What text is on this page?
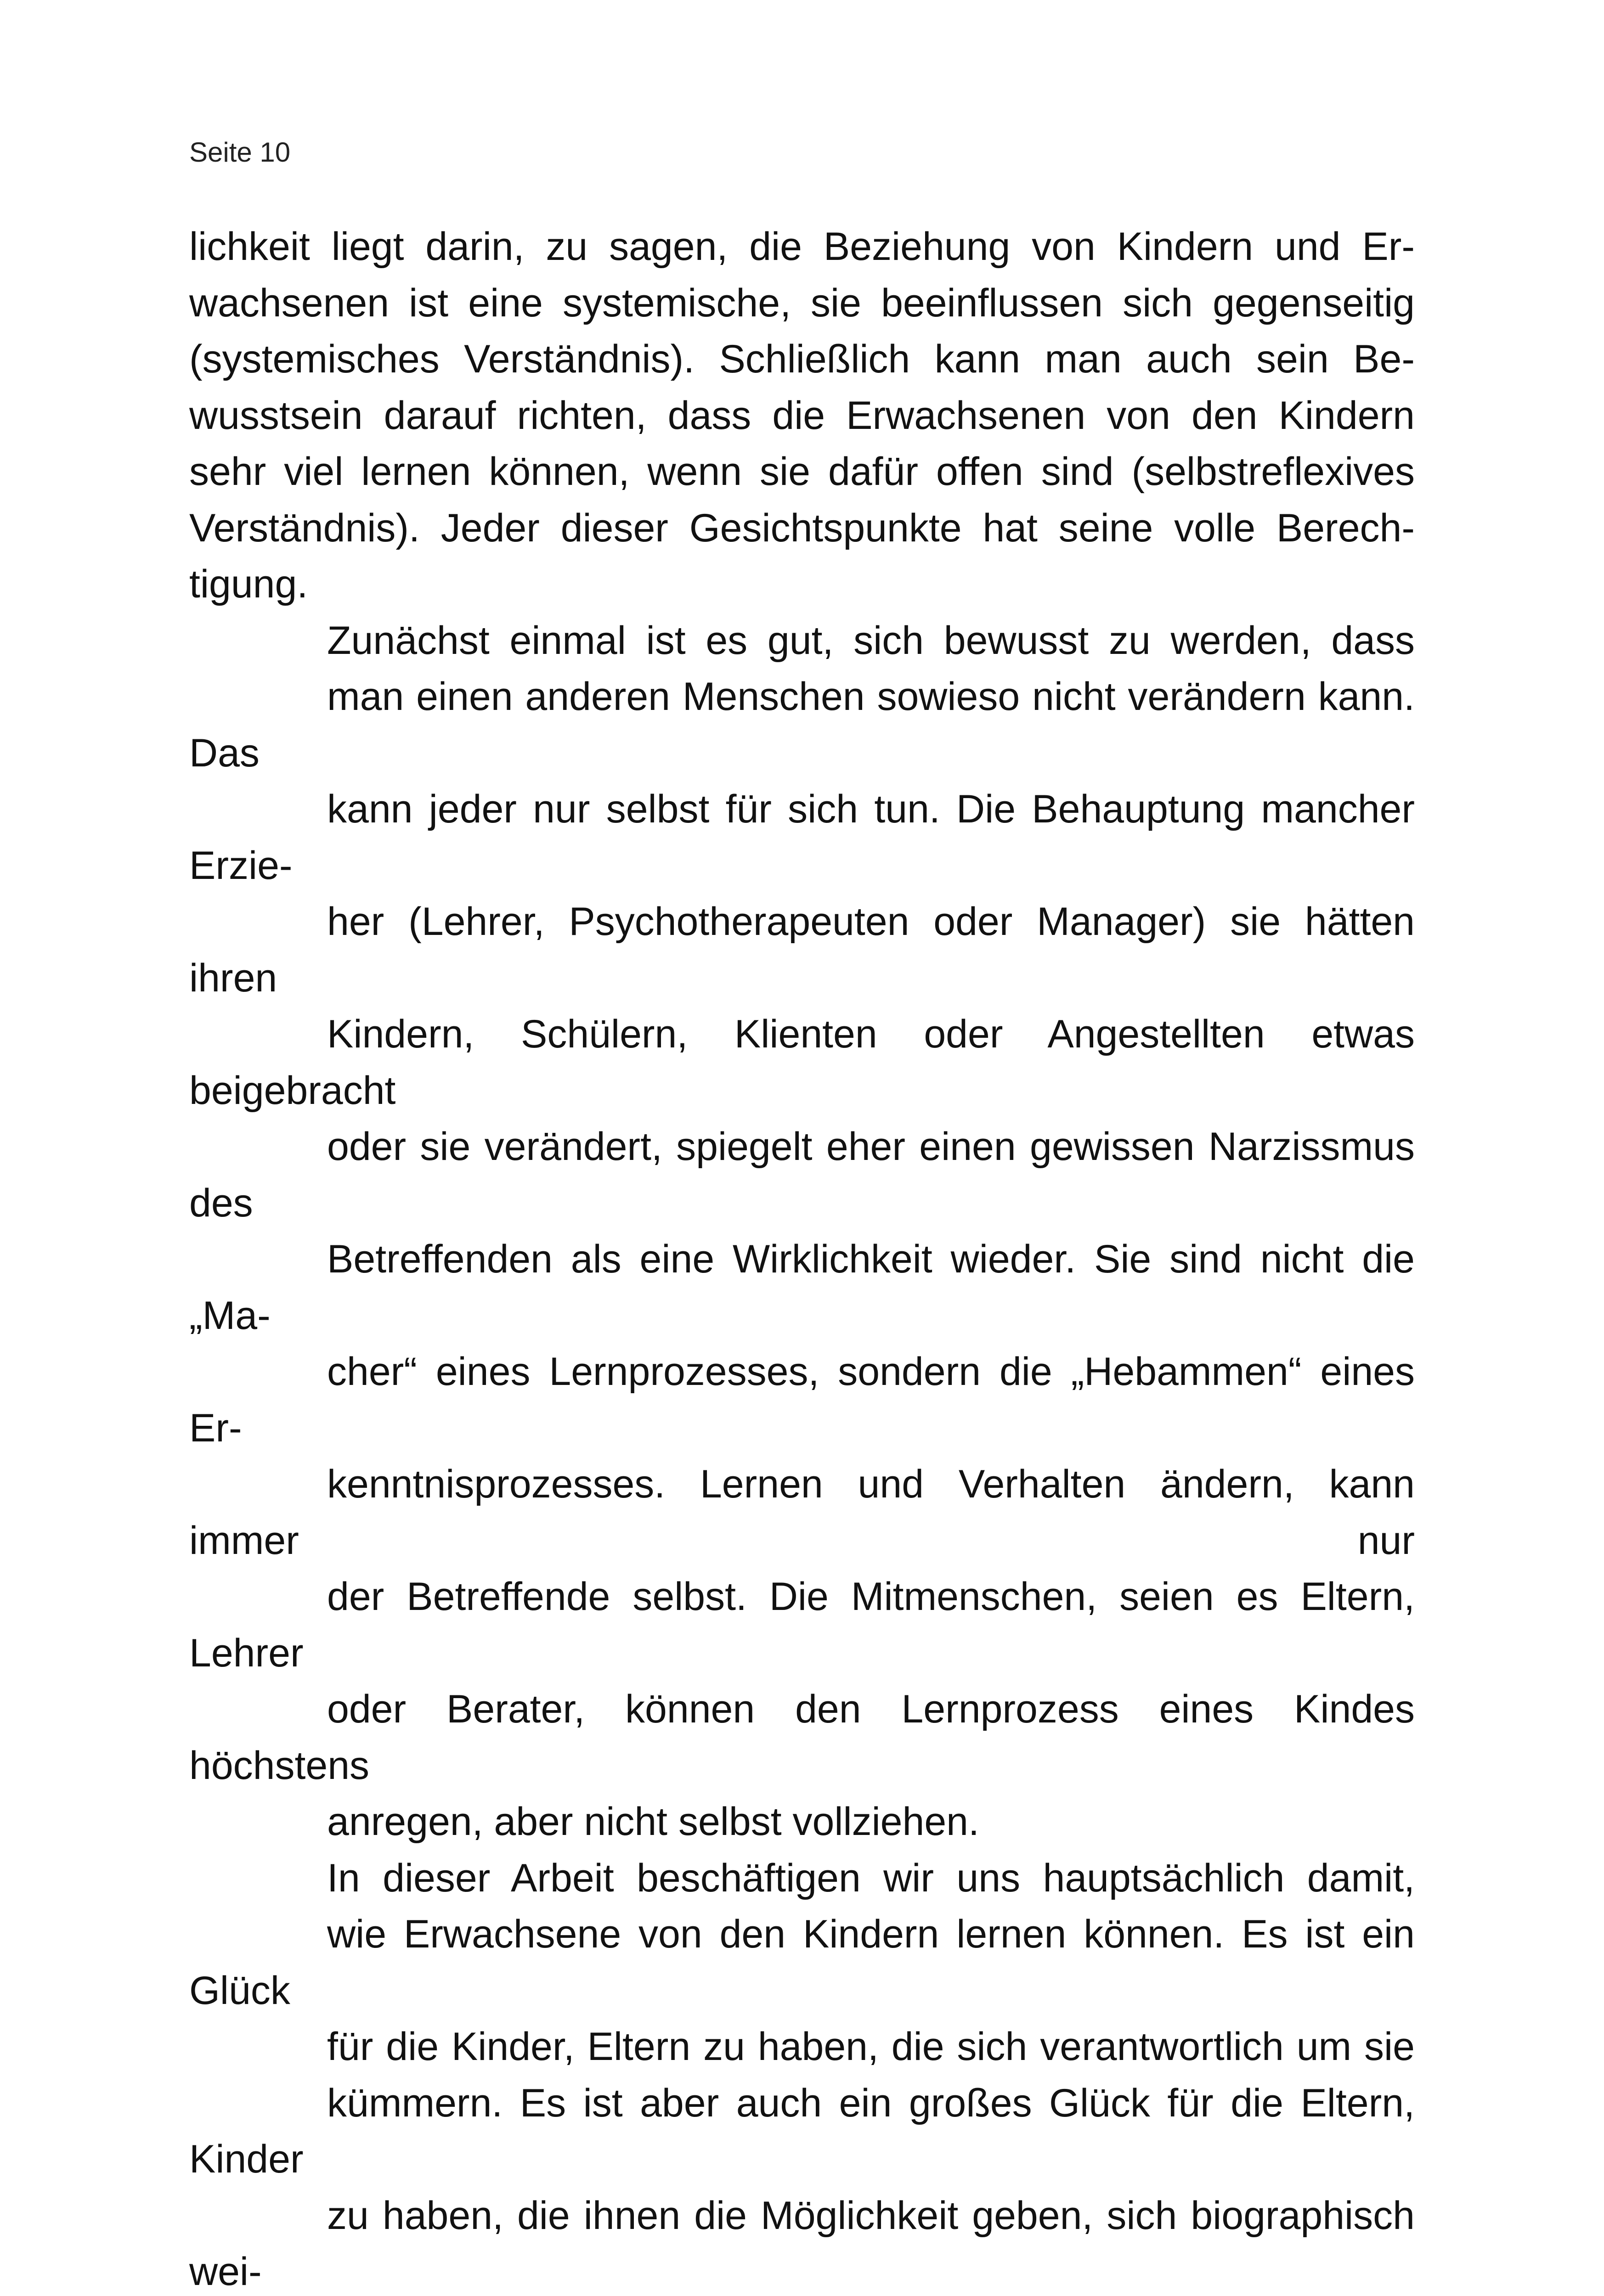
Seite 10

lichkeit liegt darin, zu sagen, die Beziehung von Kindern und Er-
wachsenen ist eine systemische, sie beeinflussen sich gegenseitig
(systemisches Verständnis). Schließlich kann man auch sein Be-
wusstsein darauf richten, dass die Erwachsenen von den Kindern
sehr viel lernen können, wenn sie dafür offen sind (selbstreflexives
Verständnis). Jeder dieser Gesichtspunkte hat seine volle Berech-
tigung.

Zunächst einmal ist es gut, sich bewusst zu werden, dass
man einen anderen Menschen sowieso nicht verändern kann. Das
kann jeder nur selbst für sich tun. Die Behauptung mancher Erzie-
her (Lehrer, Psychotherapeuten oder Manager) sie hätten ihren
Kindern, Schülern, Klienten oder Angestellten etwas beigebracht
oder sie verändert, spiegelt eher einen gewissen Narzissmus des
Betreffenden als eine Wirklichkeit wieder. Sie sind nicht die „Ma-
cher“ eines Lernprozesses, sondern die „Hebammen“ eines Er-
kenntnisprozesses. Lernen und Verhalten ändern, kann immer nur
der Betreffende selbst. Die Mitmenschen, seien es Eltern, Lehrer
oder Berater, können den Lernprozess eines Kindes höchstens
anregen, aber nicht selbst vollziehen.

In dieser Arbeit beschäftigen wir uns hauptsächlich damit,
wie Erwachsene von den Kindern lernen können. Es ist ein Glück
für die Kinder, Eltern zu haben, die sich verantwortlich um sie
kümmern. Es ist aber auch ein großes Glück für die Eltern, Kinder
zu haben, die ihnen die Möglichkeit geben, sich biographisch wei-
